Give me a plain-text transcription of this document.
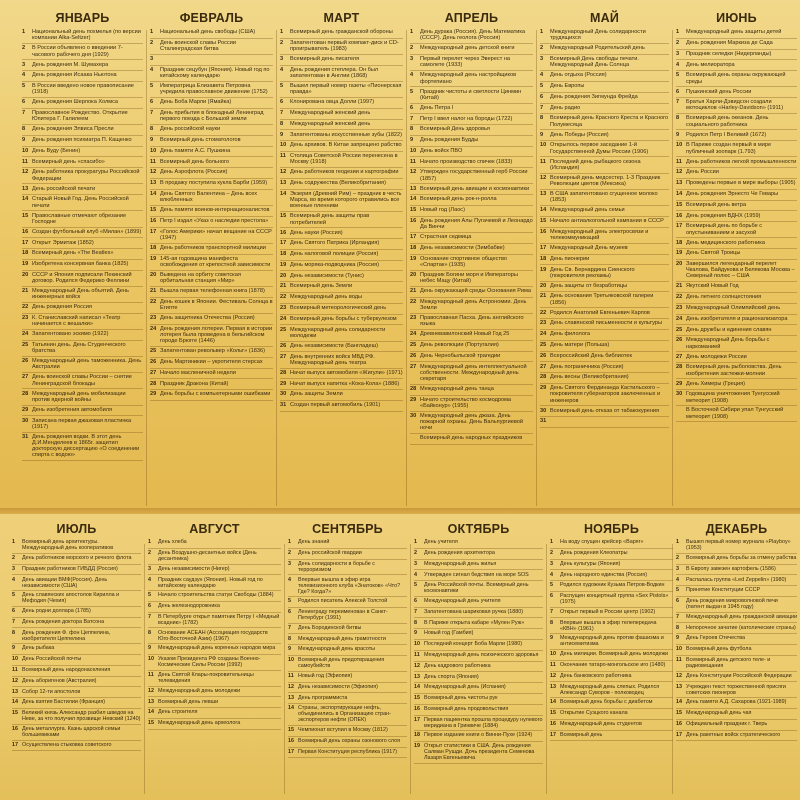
ЯНВАРЬ
1	Национальный день похмелья (по версии компании Alka-Seltzer)
2	В России объявлено о введении 7-часового рабочего дня (1929)
3	День рождения М. Шумахера
4	День рождения Исаака Ньютона
5	В России введено новое правописание (1918)
6	День рождения Шерлока Холмса
7	Православное Рождество. Открытие Юпитера Г. Галилеем
8	День рождения Элвиса Пресли
9	День рождения психиатра П. Кащенко
10 День Вуду (Бенин)
11 Всемирный день «спасибо»
12 День работника прокуратуры Российской Федерации
13 День российской печати
14 Старый Новый Год. День Российской печати
15 Православные отмечают обрезание Господне
16 Создан футбольный клуб «Милан» (1899)
17 Открыт Эрмитаж (1852)
18 Всемирный день «The Beatles»
19 Изобретена консервная банка (1825)
20 СССР и Япония подписали Пекинский договор. Родился Федерико Феллини
21 Международный День объятий. День инженерных войск
22 День рождения Россия
23 К. Станиславский написал «Театр начинается с вешалки»
24 Запатентовано эскимо (1922)
25 Татьянин день. День Студенческого братства
26 Международный день таможенника. День Австралии
27 День воинской славы России – снятие Ленинградской блокады
28 Международный день мобилизации против ядерной войны
29 День изобретения автомобиля
30 Записана первая джазовая пластинка (1917)
31 День рождения водки. В этот день Д.И.Менделеев в 1865г. защитил докторскую диссертацию «О соединении спирта с водою»
ФЕВРАЛЬ
1	Национальный день свободы (США)
2	День воинской славы России Сталинградская битва
3
4	Праздник сецубун (Япония). Новый год по китайскому календарю
5	Императрица Елизавета Петровна учредила православное движение (1752)
6	День Боба Марли (Ямайка)
7	День прибытия в блокадный Ленинград первого поезда с Большой земли
8	День российской науки
9	Всемирный день стоматологов
10 День памяти А.С. Пушкина
11 Всемирный день больного
12 День Аэрофлота (Россия)
13 В продажу поступила кукла Барби (1959)
14 День Святого Валентина – День всех влюбленных
15 День памяти воинов-интернационалистов
16 Петр I издал «Указ о наследии престола»
17 «Голос Америки» начал вещание на СССР (1947)
18 День работников транспортной милиции
19 145-ая годовщина манифеста освобождения от крепостной зависимости
20 Выведена на орбиту советская орбитальная станция «Мир»
21 Вышла первая телефонная книга (1878)
22 День кошек в Японии. Фестиваль Солнца в Египте
23 День защитника Отечества (Россия)
24 День рождения лотереи. Первая в истории лотерея была проведена в бельгийском городе Брюгге (1446)
25 Запатентован револьвер «Кольт» (1836)
26 День Мартиникии – укротителя стерсах
27 Начало масленичной недели
28 Праздник Дракона (Китай)
29 День борьбы с компьютерными ошибками
МАРТ
1	Всемирный день гражданской обороны
2	Запатентован первый компакт-диск и CD-проигрыватель (1983)
3	Всемирный день писателя
4	День рождения степлера. Он был запатентован в Англии (1868)
5	Вышел первый номер газеты «Пионерская правда»
6	Клонирована овца Долли (1997)
7	Международный женский день
8	Международный женский день
9	Запатентованы искусственные зубы (1822)
10 День архивов. В Китае запрещено рабство
11 Столица Советской России перенесена в Москву (1918)
12 День работников геодезии и картографии
13 День содружества (Великобритания)
14 Экзерия (Древний Рим) – праздник в честь Марса, во время которого отравились все военные пленники
15 Всемирный день защиты прав потребителей
16 День науки (Россия)
17 День Святого Патрика (Ирландия)
18 День налоговой полиции (Россия)
19 День моряка-подводника (Россия)
20 День независимости (Тунис)
21 Всемирный день Земли
22 Международный день воды
23 Всемирный метеорологический день
24 Всемирный день борьбы с туберкулезом
25 Международный день солидарности молодежи
26 День независимости (Бангладеш)
27 День внутренних войск МВД РФ. Международный день театра
28 Начат выпуск автомобиля «Жигули» (1971)
29 Начат выпуск напитка «Кока-Кола» (1886)
30 День защиты Земли
31 Создан первый автомобиль (1901)
АПРЕЛЬ
1	День дурака (Россия). День Математика (СССР). День геолога (Россия)
2	Международный день детской книги
3	Первый перелет через Эверест на самолете (1933)
4	Международный день настройщиков фортепиано
5	Праздник чистоты и светлости Цинмин (Китай)
6	День Петра I
7	Петр I ввел налог на бороды (1722)
8	Всемирный День здоровья
9	День рождения Будды
10 День войск ПВО
11 Начато производство спичек (1833)
12 Утвержден государственный герб России (1857)
13 Всемирный день авиации и космонавтики
14 Всемирный день рок-н-ролла
15 Новый год (Лаос)
16 День рождения Алы Пугачевой и Леонардо Да Винчи
17 Страстная седмица
18 День независимости (Зимбабве)
19 Основание спортивное общество «Спартак» (1935)
20 Праздник Богини моря и Императоры небес Мацу (Китай)
21 День окружающей среды Основания Рима
22 Международный день Астрономии. День Земли
23 Православная Пасха. День английского языка
24 Древневавилонский Новый Год 25
25 День революции (Португалия)
26 День Чернобыльской трагедии
27 Международный день интеллектуальной собственности. Международный день секретаря
28 Международный день танца
29 Начато строительство космодрома «Байконур» (1955)
30 Международный день джаза. День пожарной охраны. День Вальпургиевой ночи
Всемирный день народных праздников
МАЙ
1	Международный День солидарности трудящихся
2	Международный Родительский день
3	Всемирный День свободы печати. Международный День Солнца
4	День отдыха (Россия)
5	День Европы
6	День рождения Зигмунда Фрейда
7	День радио
8	Всемирный день Красного Креста и Красного Полумесяца
9	День Победы (Россия)
10 Открылось первое заседание 1-й Государственной Думы России (1906)
11 Последний день рыбацкого сезона (Исландия)
12 Всемирный день медсестер. 1-3 Праздник Революции цветов (Мексика)
13 В США запатентовано сгущенное молоко (1853)
14 Международный день семьи
15 Начало антиалкогольной кампании в СССР
16 Международный день электросвязи и телекоммуникаций
17 Международный День музеев
18 День пионерии
19 День Св. Бернардина Сиенского (покровителя рекламы)
20 День защиты от безработицы
21 День основания Третьяковской галереи (1856)
22 Родился Анатолий Евгеньевич Карпов
23 День славянской письменности и культуры
24 День филолога
25 День матери (Польша)
26 Всероссийский День библиотек
27 День пограничника (Россия)
28 День весны (Великобритания)
29 День Святого Фердинанда Кастильского – покровителя губернаторов заключенных и инженеров
30 Всемирный день отказа от табакокурения
31
ИЮНЬ
1	Международный день защиты детей
2	День рождения Маркиза де Сада
3	Праздник селедки (Нидерланды)
4	День мелиоратора
5	Всемирный день охраны окружающей среды
6	Пушкинский день России
7	Братья Харли-Дэвидсон создали мотоциклов «Harley-Davidson» (1911)
8	Всемирный день океанов. День социального работника
9	Родился Петр I Великий (1672)
10 В Париже создан первый в мире публичный зоопарк (1.793)
11 День работников легкой промышленности
12 День России
13 Проведены первые в мире выборы (1905)
14 День рождения Эрнесто Че Гевары
15 Всемирный день ветра
16 День рождения ВДНХ (1959)
17 Всемирный день по борьбе с опустыниванием и засухой
18 День медицинского работника
19 День Святой Троицы
20 Завершился легендарный перелет Чкалова, Байдукова и Белякова Москва – Северный полюс – США
21 Якутский Новый Год
22 День летнего солнцестояния
23 Международный Олимпийский день
24 День изобретателя и рационализатора
25 День дружбы и единения славян
26 Международный День борьбы с наркоманией
27 День молодежи России
28 Всемирный день рыболовства. День изобретения застежки-молнии
29 День Химеры (Греция)
30 Годовщина уничтожения Тунгусский метеорит (1908)
В Восточной Сибири упал Тунгусский метеорит (1908)
ИЮЛЬ
1	Всемирный день архитектуры. Международный день кооперативов
2	День работников морского и речного флота
3	Праздник работников ГИБДД (Россия)
4	День авиации ВМФ(Россия). День независимости (США)
5	День славянских апостолов Кирилла и Мефодия (Чехия)
6	День родни доллара (1785)
7	День рождения доктора Ватсона
8	День рождения Ф. фон Цеппелина, изобретателя Цеппелина
9	День рыбака
10 День Российской почты
11 Всемирный день народонаселения
12 День аборигенов (Австралия)
13 Собор 12-ти апостолов
14 День взятия Бастилии (Франция)
15 Великий князь Александр разбил шведов на Неве, за что получил прозвище Невский (1240)
16 День металлурга. Казнь царской семьи большевиками
17 Осуществлена стыковка советского
АВГУСТ
1	День хлеба
2	День Воздушно-десантных войск (День десантника)
3	День независимости (Нигер)
4	Праздник саудзун (Япония). Новый год по китайскому календарю
5	Начало строительства статуи Свободы (1884)
6	День железнодорожника
7	В Петербурге открыт памятник Петру I «Медный всадник» (1782)
8	Основание АСЕАН (Ассоциация государств Юго-Восточной Азии) (1967)
9	Международный день коренных народов мира
10 Указом Президента РФ созданы Военно-Космические Силы России (1992)
11 День Святой Клары-покровительницы телевидения
12 Международный день молодежи
13 Всемирный день левши
14 День строителя
15 Международный день археолога
СЕНТЯБРЬ
1	День знаний
2	День российской гвардии
3	День солидарности в борьбе с терроризмом
4	Впервые вышла в эфир игра телевизионного клуба «Знатоков» «Что? Где? Когда?»
5	Родился писатель Алексей Толстой
6	Ленинграду переименован в Санкт-Петербург (1991)
7	День Бородинской битвы
8	Международный день грамотности
9	Международный день красоты
10 Всемирный день предотвращения самоубийств
11 Новый год (Эфиопия)
12 День независимости (Эфиопия)
13 День программиста
14 Страны, экспортирующие нефть, объединились в Организацию стран-экспортеров нефти (ОПЕК)
15 Чемпионат вступил в Москву (1812)
16 Всемирный день охраны озонового слоя
17 Первая Конституция республика (1917)
ОКТЯБРЬ
1	День учителя
2	День рождения архитектора
3	Международный день жилья
4	Утвержден сигнал бедствия на море SOS
5	День Российской почты. Всемирный день космонавтики
6	Международный день учителя
7	Запатентована шариковая ручка (1880)
8	В Париже открыта кабаре «Мулен Руж»
9	Новый год (Гамбия)
10 Последний концерт Боба Марли (1980)
11 Международный день психического здоровья
12 День кадрового работника
13 День спорта (Япония)
14 Международный день (Испания)
15 Всемирный день чистоты рук
16 Всемирный день продовольствия
17 Первая пациентка прошла процедуру нулевого меридиана в Гринвиче (1884)
18 Первое издание книги о Винни-Пухе (1924)
19 Открыт статистики в США. День рождения Салман Рушди. Дочь президента Семенова Лазаря Евгеньевича
НОЯБРЬ
1	На воду спущен крейсер «Варяг»
2	День рождения Клеопатры
3	День культуры (Япония)
4	День народного единства (Россия)
5	Родился художник Кузьма Петров-Водкин
6	Распущен концертный группа «Sex Pistols» (1975)
7	Открыт первый в России центр (1902)
8	Впервые вышла в эфир телепередача «КВН» (1961)
9	Международный день против фашизма и антисемитизма
10 День милиции. Всемирный день молодежи
11 Окончание татаро-монгольское иго (1480)
12 День банковского работника
13 Международный день слепых. Родился Александр Суворов - полководец
14 Всемирный день борьбы с диабетом
15 Открытие Суэцкого канала
16 Международный день студентов
17 Всемирный день
ДЕКАБРЬ
1	Вышел первый номер журнала «Playboy» (1953)
2	Всемирный день борьбы за отмену рабства
3	В Европу завезен картофель (1586)
4	Распалась группа «Led Zeppelin» (1980)
5	Принятие Конституции СССР
6	День рождения микроволновой печи (патент выдан в 1945 году)
7	Международный день гражданской авиации
8	Непорочное зачатие (католические страны)
9	День Героев Отечества
10 Всемирный день футбола
11 Всемирный день детского теле- и радиовещания
12 День Конституции Российской Федерации
13 Учрежден текст торжественной присяги советских пионеров
14 День памяти А.Д. Сахарова (1921-1989)
15 Международный день чая
16 Официальный праздник г. Тверь
17 День ракетных войск стратегического
